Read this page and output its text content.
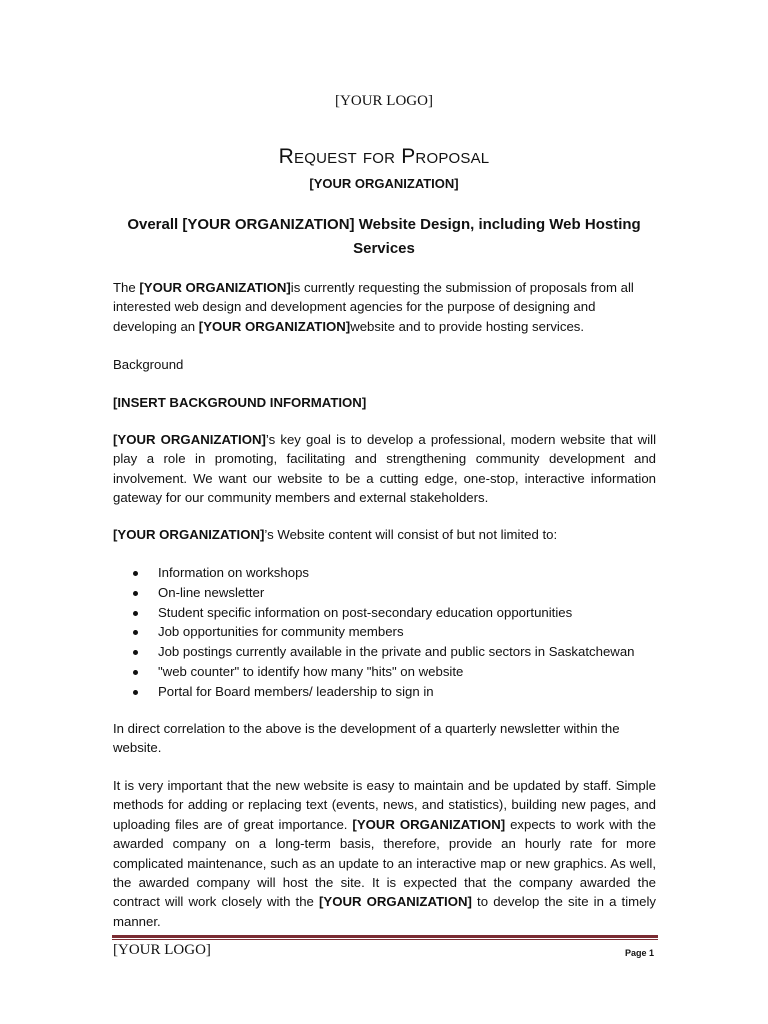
[YOUR LOGO]
Request for Proposal
[YOUR ORGANIZATION]
Overall [YOUR ORGANIZATION] Website Design, including Web Hosting Services
The [YOUR ORGANIZATION]is currently requesting the submission of proposals from all interested web design and development agencies for the purpose of designing and developing an [YOUR ORGANIZATION]website and to provide hosting services.
Background
[INSERT BACKGROUND INFORMATION]
[YOUR ORGANIZATION]’s key goal is to develop a professional, modern website that will play a role in promoting, facilitating and strengthening community development and involvement. We want our website to be a cutting edge, one-stop, interactive information gateway for our community members and external stakeholders.
[YOUR ORGANIZATION]’s Website content will consist of but not limited to:
Information on workshops
On-line newsletter
Student specific information on post-secondary education opportunities
Job opportunities for community members
Job postings currently available in the private and public sectors in Saskatchewan
"web counter" to identify how many "hits" on website
Portal for Board members/ leadership to sign in
In direct correlation to the above is the development of a quarterly newsletter within the website.
It is very important that the new website is easy to maintain and be updated by staff. Simple methods for adding or replacing text (events, news, and statistics), building new pages, and uploading files are of great importance. [YOUR ORGANIZATION] expects to work with the awarded company on a long-term basis, therefore, provide an hourly rate for more complicated maintenance, such as an update to an interactive map or new graphics. As well, the awarded company will host the site. It is expected that the company awarded the contract will work closely with the [YOUR ORGANIZATION] to develop the site in a timely manner.
[YOUR LOGO]	Page 1
